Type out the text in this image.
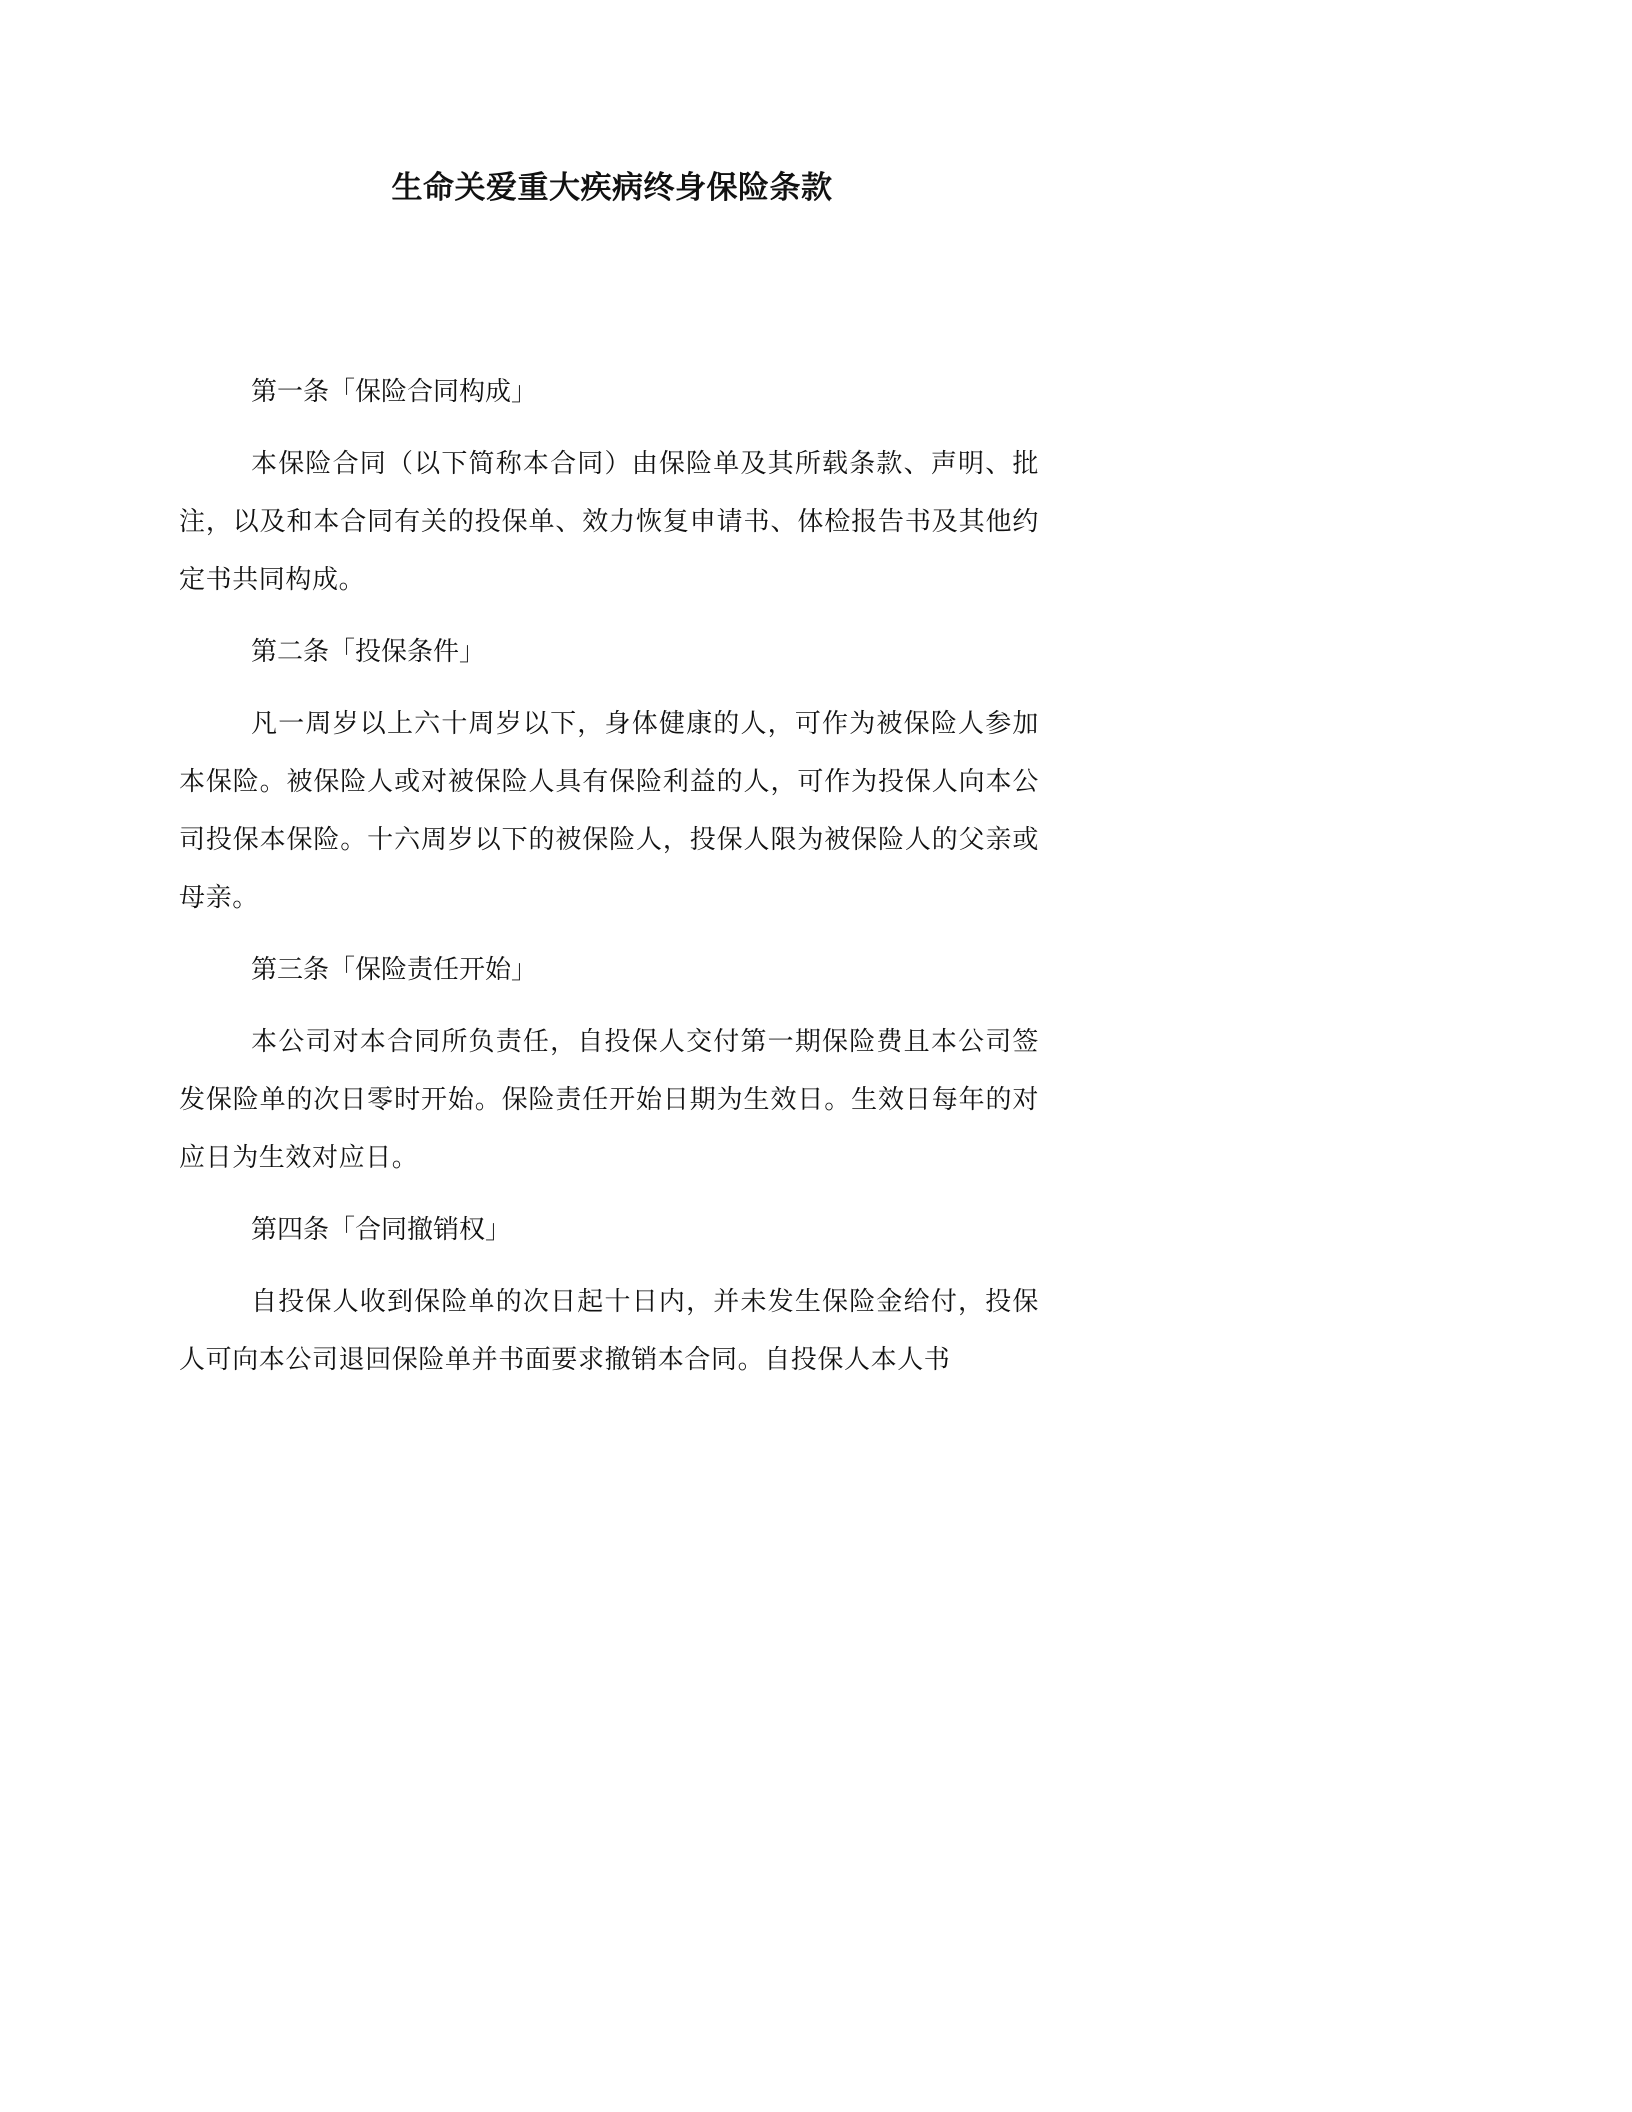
生命关爱重大疾病终身保险条款
第一条「保险合同构成」

本保险合同（以下简称本合同）由保险单及其所载条款、声明、批注，以及和本合同有关的投保单、效力恢复申请书、体检报告书及其他约定书共同构成。

第二条「投保条件」

凡一周岁以上六十周岁以下，身体健康的人，可作为被保险人参加本保险。被保险人或对被保险人具有保险利益的人，可作为投保人向本公司投保本保险。十六周岁以下的被保险人，投保人限为被保险人的父亲或母亲。

第三条「保险责任开始」

本公司对本合同所负责任，自投保人交付第一期保险费且本公司签发保险单的次日零时开始。保险责任开始日期为生效日。生效日每年的对应日为生效对应日。

第四条「合同撤销权」

自投保人收到保险单的次日起十日内，并未发生保险金给付，投保人可向本公司退回保险单并书面要求撤销本合同。自投保人本人书
